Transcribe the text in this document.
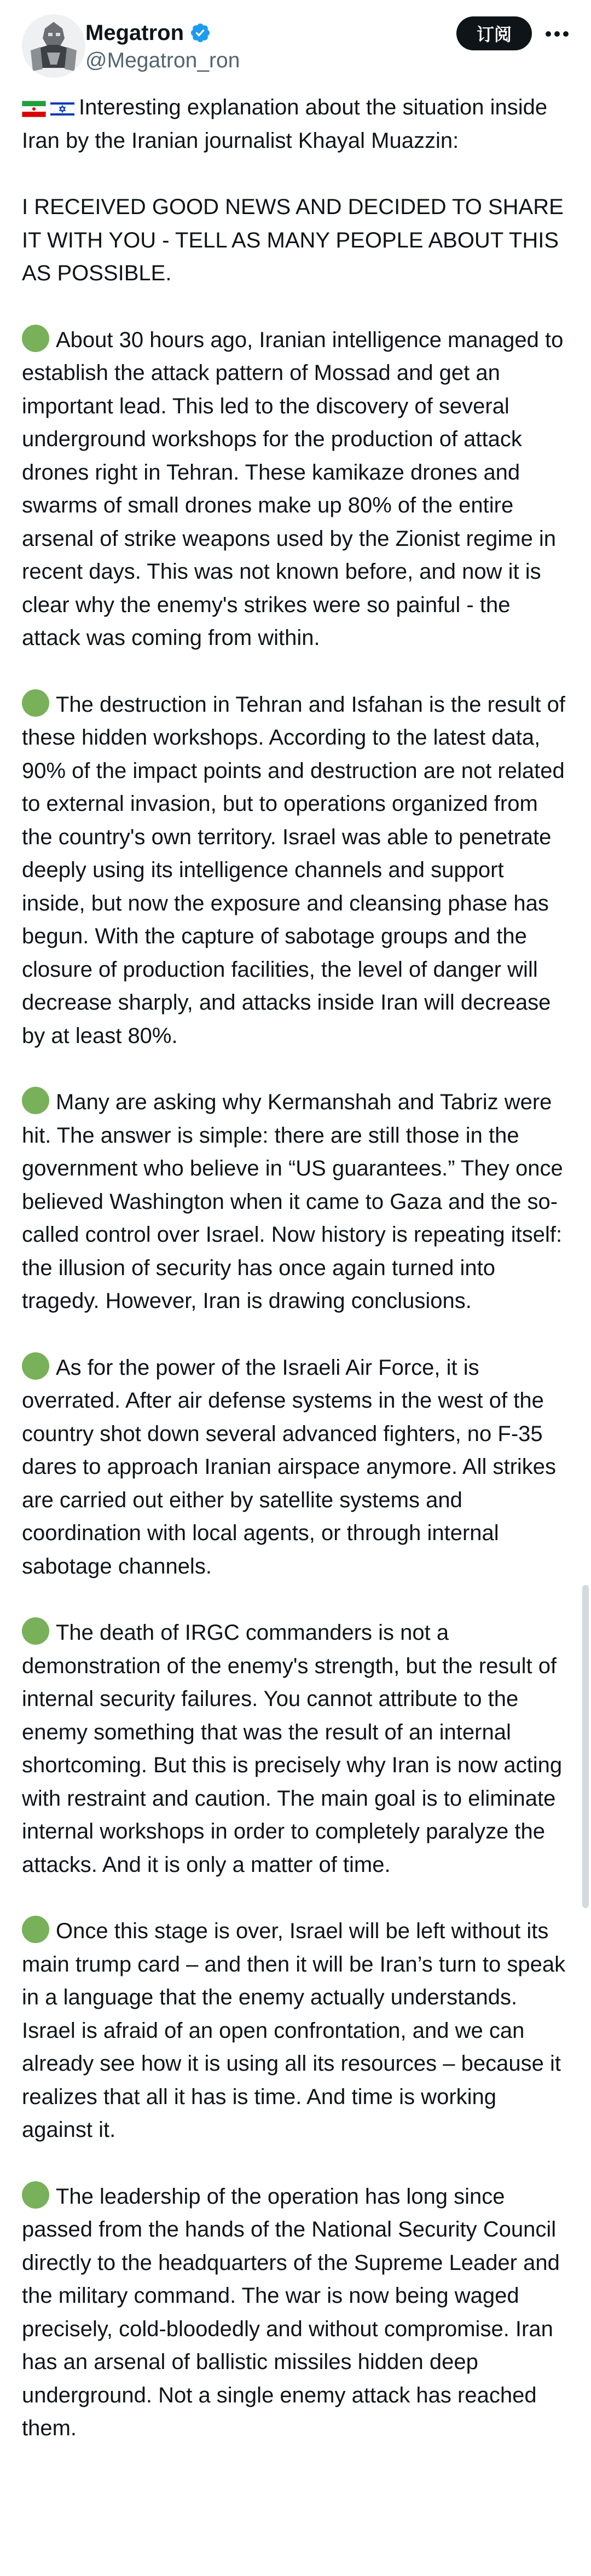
Megatron
@Megatron_ron
订阅

Interesting explanation about the situation inside Iran by the Iranian journalist Khayal Muazzin:

I RECEIVED GOOD NEWS AND DECIDED TO SHARE IT WITH YOU - TELL AS MANY PEOPLE ABOUT THIS AS POSSIBLE.

About 30 hours ago, Iranian intelligence managed to establish the attack pattern of Mossad and get an important lead. This led to the discovery of several underground workshops for the production of attack drones right in Tehran. These kamikaze drones and swarms of small drones make up 80% of the entire arsenal of strike weapons used by the Zionist regime in recent days. This was not known before, and now it is clear why the enemy's strikes were so painful - the attack was coming from within.

The destruction in Tehran and Isfahan is the result of these hidden workshops. According to the latest data, 90% of the impact points and destruction are not related to external invasion, but to operations organized from the country's own territory. Israel was able to penetrate deeply using its intelligence channels and support inside, but now the exposure and cleansing phase has begun. With the capture of sabotage groups and the closure of production facilities, the level of danger will decrease sharply, and attacks inside Iran will decrease by at least 80%.

Many are asking why Kermanshah and Tabriz were hit. The answer is simple: there are still those in the government who believe in “US guarantees.” They once believed Washington when it came to Gaza and the so-called control over Israel. Now history is repeating itself: the illusion of security has once again turned into tragedy. However, Iran is drawing conclusions.

As for the power of the Israeli Air Force, it is overrated. After air defense systems in the west of the country shot down several advanced fighters, no F-35 dares to approach Iranian airspace anymore. All strikes are carried out either by satellite systems and coordination with local agents, or through internal sabotage channels.

The death of IRGC commanders is not a demonstration of the enemy's strength, but the result of internal security failures. You cannot attribute to the enemy something that was the result of an internal shortcoming. But this is precisely why Iran is now acting with restraint and caution. The main goal is to eliminate internal workshops in order to completely paralyze the attacks. And it is only a matter of time.

Once this stage is over, Israel will be left without its main trump card – and then it will be Iran’s turn to speak in a language that the enemy actually understands. Israel is afraid of an open confrontation, and we can already see how it is using all its resources – because it realizes that all it has is time. And time is working against it.

The leadership of the operation has long since passed from the hands of the National Security Council directly to the headquarters of the Supreme Leader and the military command. The war is now being waged precisely, cold-bloodedly and without compromise. Iran has an arsenal of ballistic missiles hidden deep underground. Not a single enemy attack has reached them.
